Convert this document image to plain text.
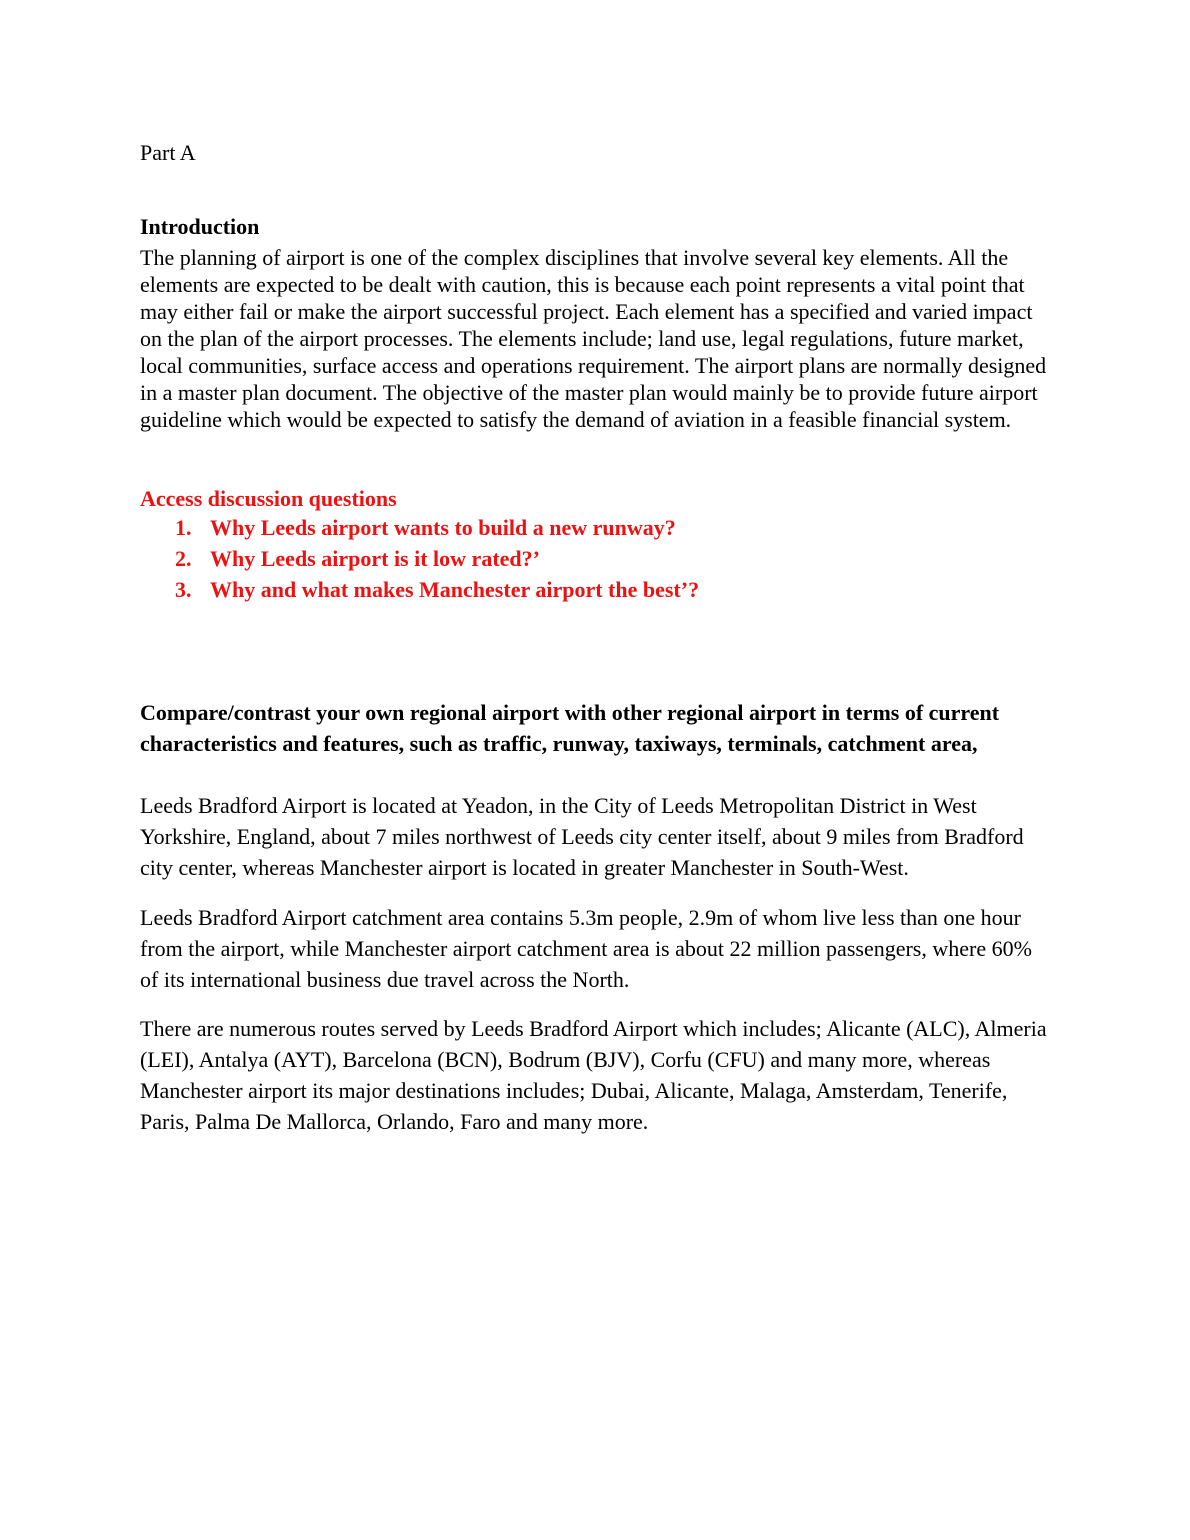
Part A

Introduction

The planning of airport is one of the complex disciplines that involve several key elements. All the elements are expected to be dealt with caution, this is because each point represents a vital point that may either fail or make the airport successful project. Each element has a specified and varied impact on the plan of the airport processes. The elements include; land use, legal regulations, future market, local communities, surface access and operations requirement. The airport plans are normally designed in a master plan document. The objective of the master plan would mainly be to provide future airport guideline which would be expected to satisfy the demand of aviation in a feasible financial system.

Access discussion questions
1. Why Leeds airport wants to build a new runway?
2. Why Leeds airport is it low rated?’
3. Why and what makes Manchester airport the best’?
Compare/contrast your own regional airport with other regional airport in terms of current characteristics and features, such as traffic, runway, taxiways, terminals, catchment area,

Leeds Bradford Airport is located at Yeadon, in the City of Leeds Metropolitan District in West Yorkshire, England, about 7 miles northwest of Leeds city center itself, about 9 miles from Bradford city center, whereas Manchester airport is located in greater Manchester in South-West.

Leeds Bradford Airport catchment area contains 5.3m people, 2.9m of whom live less than one hour from the airport, while Manchester airport catchment area is about 22 million passengers, where 60% of its international business due travel across the North.

There are numerous routes served by Leeds Bradford Airport which includes; Alicante (ALC), Almeria (LEI), Antalya (AYT), Barcelona (BCN), Bodrum (BJV), Corfu (CFU) and many more, whereas Manchester airport its major destinations includes; Dubai, Alicante, Malaga, Amsterdam, Tenerife, Paris, Palma De Mallorca, Orlando, Faro and many more.
